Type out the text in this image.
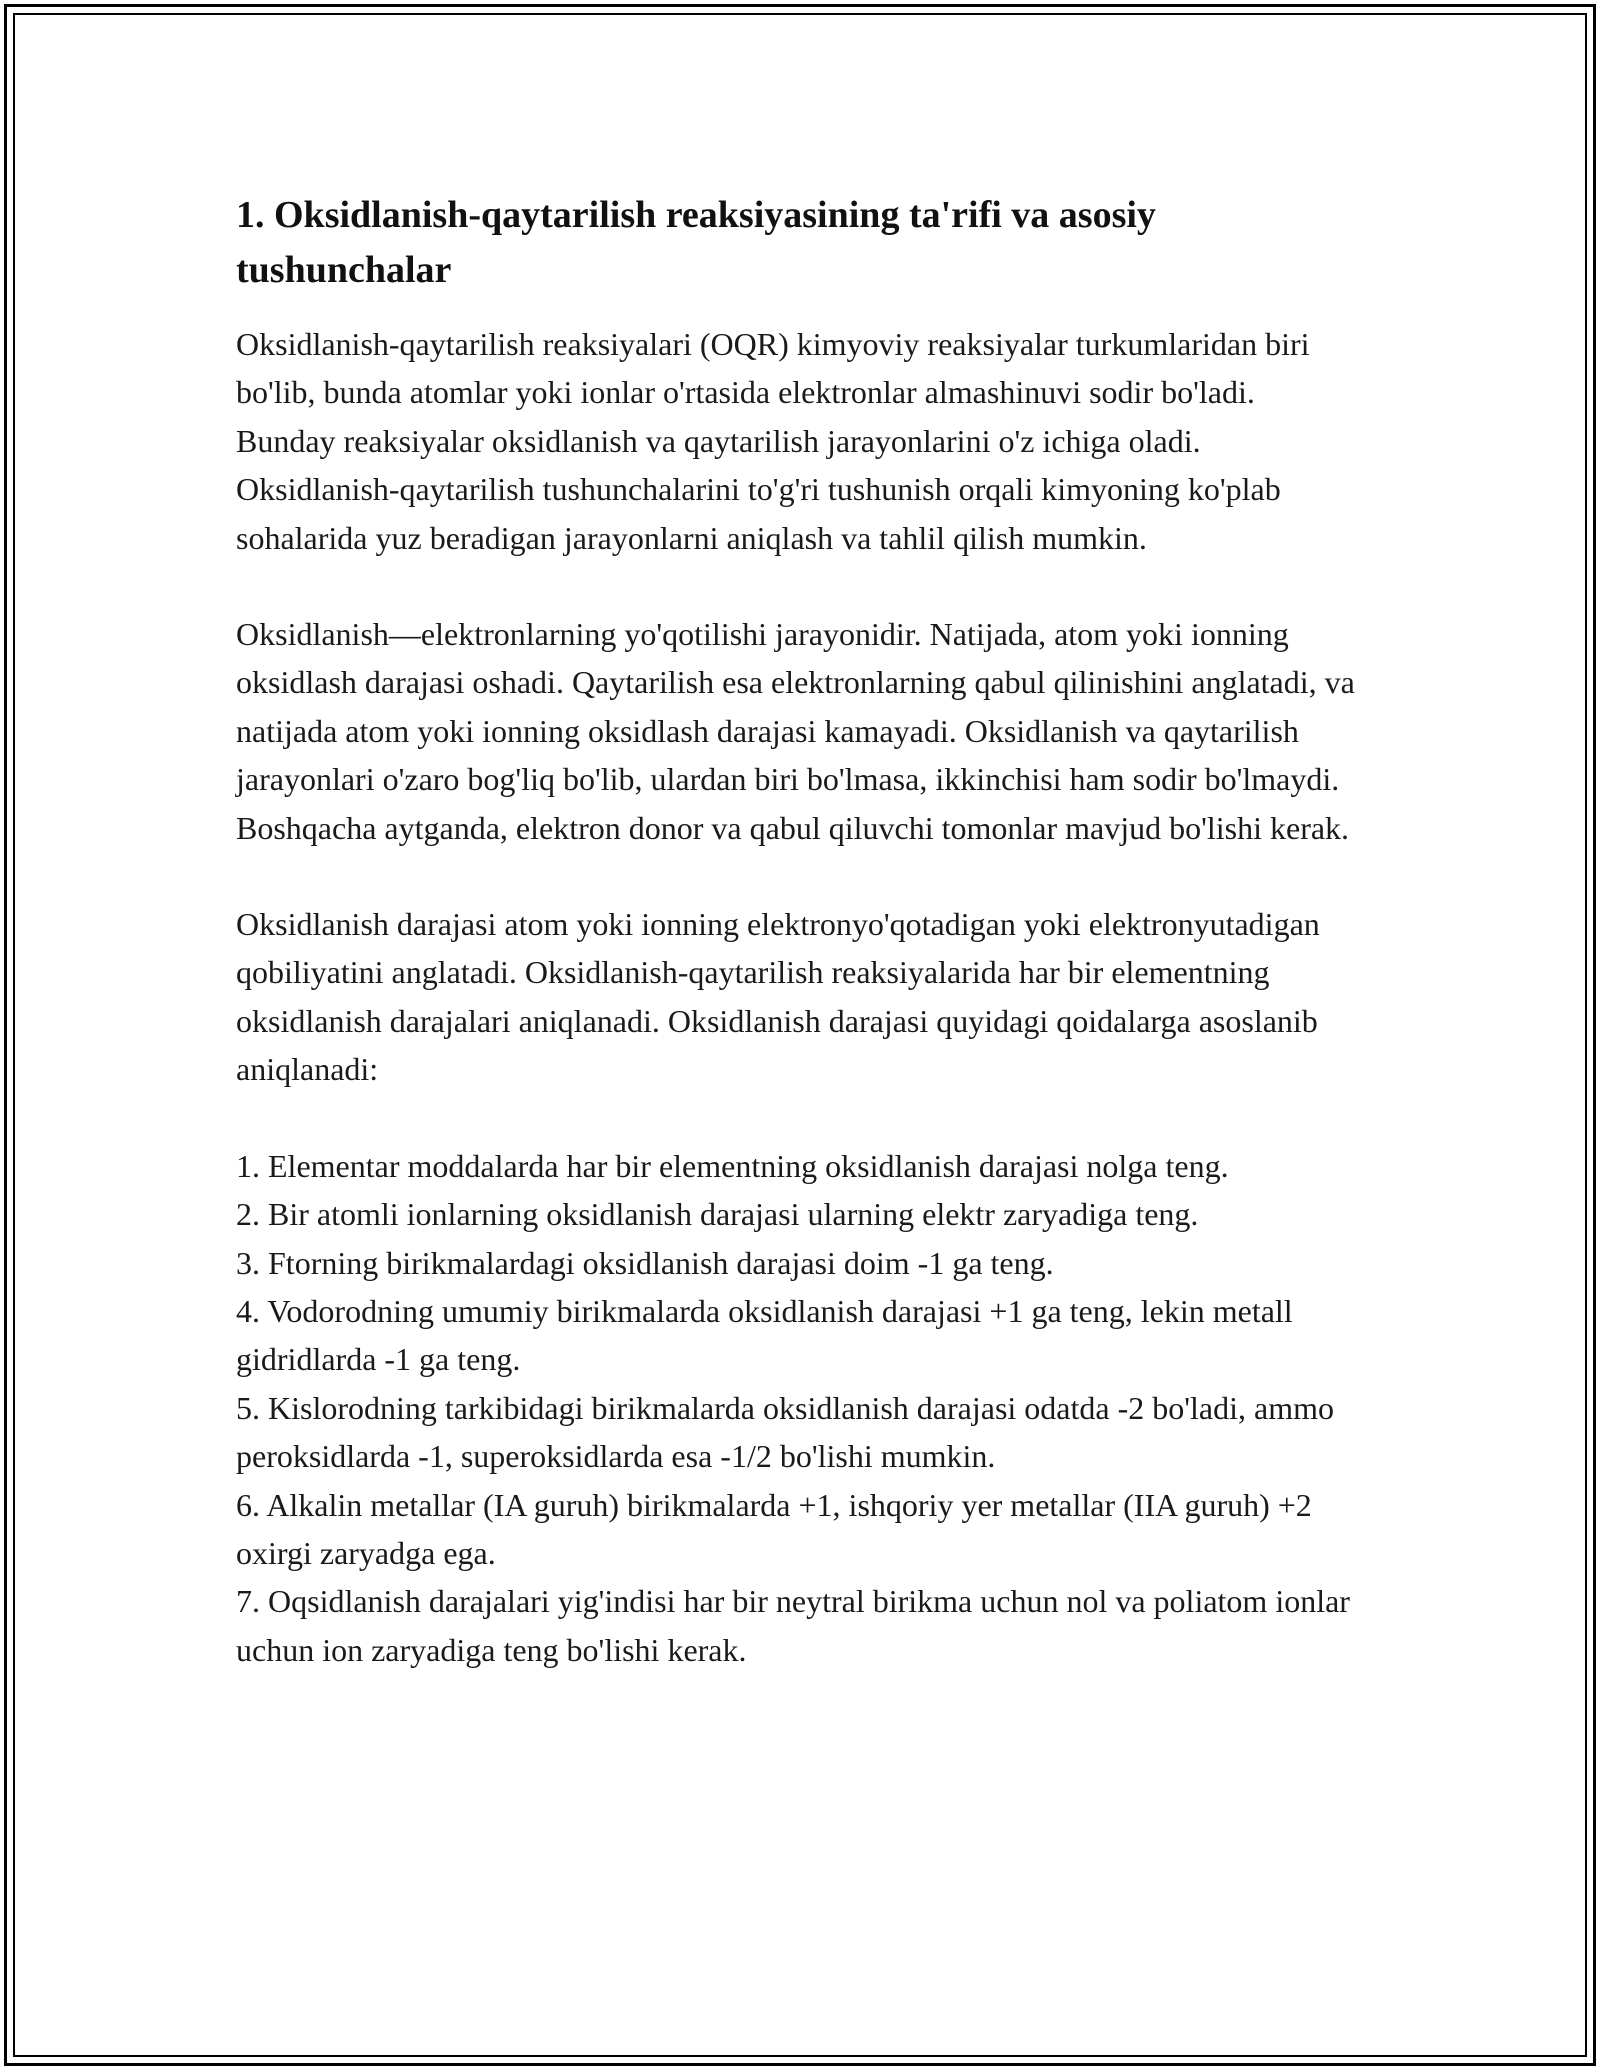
1. Oksidlanish-qaytarilish reaksiyasining ta'rifi va asosiy tushunchalar

Oksidlanish-qaytarilish reaksiyalari (OQR) kimyoviy reaksiyalar turkumlaridan biri bo'lib, bunda atomlar yoki ionlar o'rtasida elektronlar almashinuvi sodir bo'ladi. Bunday reaksiyalar oksidlanish va qaytarilish jarayonlarini o'z ichiga oladi. Oksidlanish-qaytarilish tushunchalarini to'g'ri tushunish orqali kimyoning ko'plab sohalarida yuz beradigan jarayonlarni aniqlash va tahlil qilish mumkin.

Oksidlanish—elektronlarning yo'qotilishi jarayonidir. Natijada, atom yoki ionning oksidlash darajasi oshadi. Qaytarilish esa elektronlarning qabul qilinishini anglatadi, va natijada atom yoki ionning oksidlash darajasi kamayadi. Oksidlanish va qaytarilish jarayonlari o'zaro bog'liq bo'lib, ulardan biri bo'lmasa, ikkinchisi ham sodir bo'lmaydi. Boshqacha aytganda, elektron donor va qabul qiluvchi tomonlar mavjud bo'lishi kerak.

Oksidlanish darajasi atom yoki ionning elektronyo'qotadigan yoki elektronyutadigan qobiliyatini anglatadi. Oksidlanish-qaytarilish reaksiyalarida har bir elementning oksidlanish darajalari aniqlanadi. Oksidlanish darajasi quyidagi qoidalarga asoslanib aniqlanadi:

1. Elementar moddalarda har bir elementning oksidlanish darajasi nolga teng.
2. Bir atomli ionlarning oksidlanish darajasi ularning elektr zaryadiga teng.
3. Ftorning birikmalardagi oksidlanish darajasi doim -1 ga teng.
4. Vodorodning umumiy birikmalarda oksidlanish darajasi +1 ga teng, lekin metall gidridlarda -1 ga teng.
5. Kislorodning tarkibidagi birikmalarda oksidlanish darajasi odatda -2 bo'ladi, ammo peroksidlarda -1, superoksidlarda esa -1/2 bo'lishi mumkin.
6. Alkalin metallar (IA guruh) birikmalarda +1, ishqoriy yer metallar (IIA guruh) +2 oxirgi zaryadga ega.
7. Oqsidlanish darajalari yig'indisi har bir neytral birikma uchun nol va poliatom ionlar uchun ion zaryadiga teng bo'lishi kerak.
